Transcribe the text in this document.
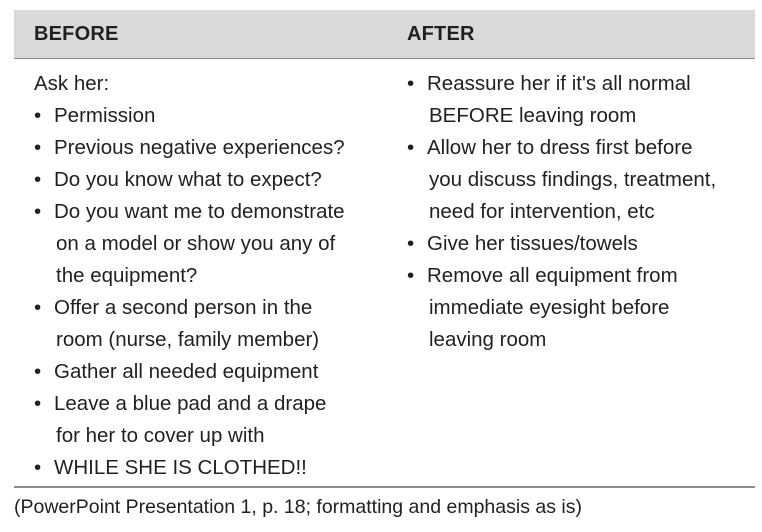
BEFORE	AFTER
Ask her:
• Permission
• Previous negative experiences?
• Do you know what to expect?
• Do you want me to demonstrate
on a model or show you any of
the equipment?
• Offer a second person in the
room (nurse, family member)
• Gather all needed equipment
• Leave a blue pad and a drape
for her to cover up with
• WHILE SHE IS CLOTHED!!
• Reassure her if it's all normal
BEFORE leaving room
• Allow her to dress first before
you discuss findings, treatment,
need for intervention, etc
• Give her tissues/towels
• Remove all equipment from
immediate eyesight before
leaving room
(PowerPoint Presentation 1, p. 18; formatting and emphasis as is)
